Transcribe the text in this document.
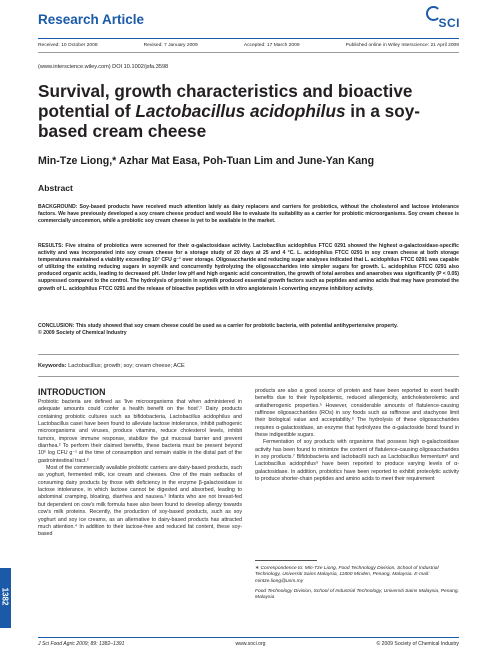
Research Article	SCI
Received: 10 October 2008	Revised: 7 January 2009	Accepted: 17 March 2009	Published online in Wiley Interscience: 21 April 2009
(www.interscience.wiley.com) DOI 10.1002/jsfa.3598
Survival, growth characteristics and bioactive potential of Lactobacillus acidophilus in a soy-based cream cheese
Min-Tze Liong,* Azhar Mat Easa, Poh-Tuan Lim and June-Yan Kang
Abstract
BACKGROUND: Soy-based products have received much attention lately as dairy replacers and carriers for probiotics, without the cholesterol and lactose intolerance factors. We have previously developed a soy cream cheese product and would like to evaluate its suitability as a carrier for probiotic microorganisms. Soy cream cheese is commercially uncommon, while a probiotic soy cream cheese is yet to be available in the market.
RESULTS: Five strains of probiotics were screened for their α-galactosidase activity. Lactobacillus acidophilus FTCC 0291 showed the highest α-galactosidase-specific activity and was incorporated into soy cream cheese for a storage study of 20 days at 25 and 4 °C. L. acidophilus FTCC 0291 in soy cream cheese at both storage temperatures maintained a viability exceeding 10⁷ CFU g⁻¹ over storage. Oligosaccharide and reducing sugar analyses indicated that L. acidophilus FTCC 0291 was capable of utilizing the existing reducing sugars in soymilk and concurrently hydrolyzing the oligosaccharides into simpler sugars for growth. L. acidophilus FTCC 0291 also produced organic acids, leading to decreased pH. Under low pH and high organic acid concentration, the growth of total aerobes and anaerobes was significantly (P < 0.05) suppressed compared to the control. The hydrolysis of protein in soymilk produced essential growth factors such as peptides and amino acids that may have promoted the growth of L. acidophilus FTCC 0291 and the release of bioactive peptides with in vitro angiotensin I-converting enzyme inhibitory activity.
CONCLUSION: This study showed that soy cream cheese could be used as a carrier for probiotic bacteria, with potential antihypertensive property.
© 2009 Society of Chemical Industry
Keywords: Lactobacillus; growth; soy; cream cheese; ACE
INTRODUCTION

Probiotic bacteria are defined as 'live microorganisms that when administered in adequate amounts could confer a health benefit on the host'.¹ Dairy products containing probiotic cultures such as bifidobacteria, Lactobacillus acidophilus and Lactobacillus casei have been found to alleviate lactose intolerance, inhibit pathogenic microorganisms and viruses, produce vitamins, reduce cholesterol levels, inhibit tumors, improve immune response, stabilize the gut mucosal barrier and prevent diarrhea.² To perform their claimed benefits, these bacteria must be present beyond 10⁶ log CFU g⁻¹ at the time of consumption and remain viable in the distal part of the gastrointestinal tract.²

Most of the commercially available probiotic carriers are dairy-based products, such as yoghurt, fermented milk, ice cream and cheeses. One of the main setbacks of consuming dairy products by those with deficiency in the enzyme β-galactosidase is lactose intolerance, in which lactose cannot be digested and absorbed, leading to abdominal cramping, bloating, diarrhea and nausea.³ Infants who are not breast-fed but dependent on cow's milk formula have also been found to develop allergy towards cow's milk proteins. Recently, the production of soy-based products, such as soy yoghurt and soy ice creams, as an alternative to dairy-based products has attracted much attention.⁴ In addition to their lactose-free and reduced fat content, these soy-based

products are also a good source of protein and have been reported to exert health benefits due to their hypolipidemic, reduced allergenicity, anticholesterolemic and antiatherogenic properties.⁵ However, considerable amounts of flatulence-causing raffinose oligosaccharides (ROs) in soy foods such as raffinose and stachyose limit their biological value and acceptability.⁶ The hydrolysis of these oligosaccharides requires α-galactosidase, an enzyme that hydrolyzes the α-galactoside bond found in these indigestible sugars.

Fermentation of soy products with organisms that possess high α-galactosidase activity has been found to minimize the content of flatulence-causing oligosaccharides in soy products.⁷ Bifidobacteria and lactobacilli such as Lactobacillus fermentum⁸ and Lactobacillus acidophilus⁹ have been reported to produce varying levels of α-galactosidase. In addition, probiotics have been reported to exhibit proteolytic activity to produce shorter-chain peptides and amino acids to meet their requirement

∗ Correspondence to: Min-Tze Liong, Food Technology Division, School of Industrial Technology, Universiti Sains Malaysia, 11800 Minden, Penang, Malaysia. E-mail: mintze.liong@usm.my

Food Technology Division, School of Industrial Technology, Universiti Sains Malaysia, Penang, Malaysia

1382
J Sci Food Agric 2009; 89: 1382–1391	www.soci.org	© 2009 Society of Chemical Industry
